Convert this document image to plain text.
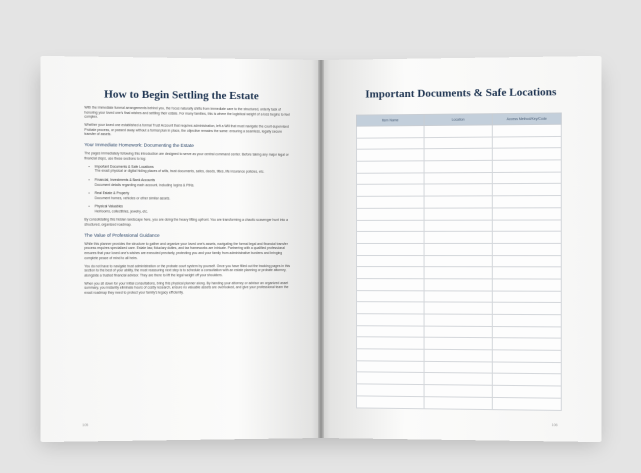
How to Begin Settling the Estate

With the immediate funeral arrangements behind you, the focus naturally shifts from immediate care to the structured, orderly task of honoring your loved one's final wishes and settling their estate. For many families, this is where the logistical weight of a loss begins to feel complex.

Whether your loved one established a formal Trust Account that requires administration, left a Will that must navigate the court-supervised Probate process, or passed away without a formal plan in place, the objective remains the same: ensuring a seamless, legally secure transfer of assets.

Your Immediate Homework: Documenting the Estate

The pages immediately following this introduction are designed to serve as your central command center. Before taking any major legal or financial steps, use these sections to log:

• Important Documents & Safe Locations
The exact physical or digital hiding places of wills, trust documents, safes, deeds, titles, life insurance policies, etc.
• Financial, Investments & Bank Accounts
Document details regarding each account, including logins & PINs.
• Real Estate & Property
Document homes, vehicles or other similar assets.
• Physical Valuables
Heirlooms, collectibles, jewelry, etc.

By consolidating this hidden landscape here, you are doing the heavy lifting upfront. You are transforming a chaotic scavenger hunt into a structured, organized roadmap.

The Value of Professional Guidance

While this planner provides the structure to gather and organize your loved one's assets, navigating the formal legal and financial transfer process requires specialized care. Estate law, fiduciary duties, and tax frameworks are intricate. Partnering with a qualified professional ensures that your loved one's wishes are executed precisely, protecting you and your family from administrative burdens and bringing complete peace of mind to all heirs.

You do not have to navigate trust administration or the probate court system by yourself. Once you have filled out the tracking pages in this section to the best of your ability, the most reassuring next step is to schedule a consultation with an estate planning or probate attorney, alongside a trusted financial advisor. They are there to lift the legal weight off your shoulders.

When you sit down for your initial consultations, bring this physical planner along. By handing your attorney or advisor an organized asset summary, you instantly eliminate hours of costly research, ensure no valuable assets are overlooked, and give your professional team the exact roadmap they need to protect your family's legacy efficiently.

105
Important Documents & Safe Locations
Item Name	Location	Access Method/Key/Code

106
